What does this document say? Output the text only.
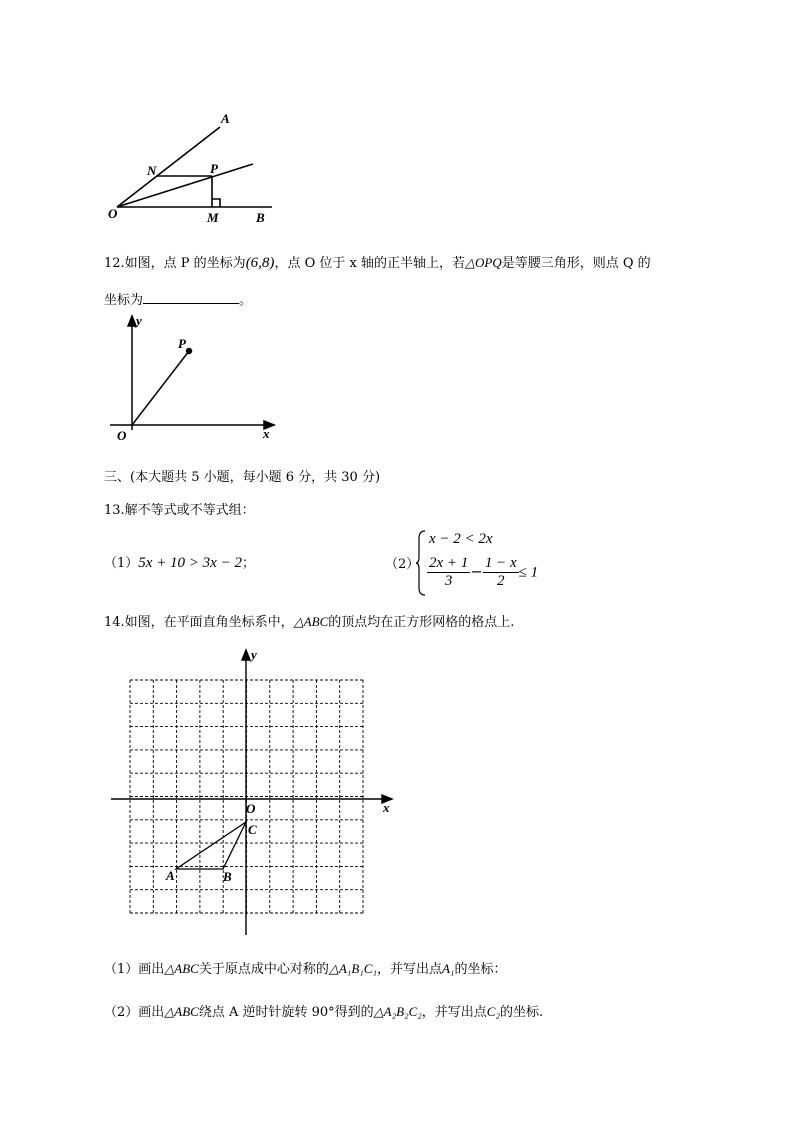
A
N	P
O	M	B
12.如图，点 P 的坐标为(6,8)，点 O 位于 x 轴的正半轴上，若△OPQ是等腰三角形，则点 Q 的
坐标为	。
y
P
O	x
三、(本大题共 5 小题，每小题 6 分，共 30 分)
13.解不等式或不等式组：
（1）5x + 10 > 3x − 2；	（2）
x − 2 < 2x
$\frac{2x + 1}{3} - \frac{1 - x}{2} \le 1$
14.如图，在平面直角坐标系中，△ABC的顶点均在正方形网格的格点上.
y
x
O
C
A	B
（1）画出△ABC关于原点成中心对称的△A₁B₁C₁，并写出点A₁的坐标：
（2）画出△ABC绕点 A 逆时针旋转 90°得到的△A₂B₂C₂，并写出点C₂的坐标.
